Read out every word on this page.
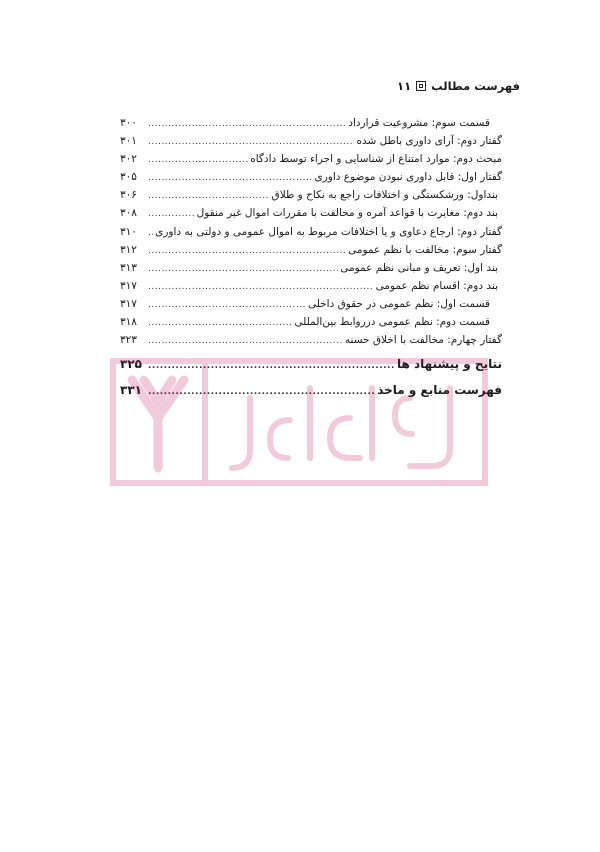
فهرست مطالب
۱۱
قسمت سوم: مشروعیت قرارداد
.....
۳۰۰
گفتار دوم: آرای داوری باطل شده
.....
۳۰۱
مبحث دوم: موارد امتناع از شناسایی و اجراء توسط دادگاه
.....
۳۰۲
گفتار اول: قابل داوری نبودن موضوع داوری
.....
۳۰۵
بنداول: ورشکستگی و اختلافات راجع به نکاح و طلاق
.....
۳۰۶
بند دوم: مغایرت با قواعد آمره و مخالفت با مقررات اموال غیر منقول
.....
۳۰۸
گفتار دوم: ارجاع دعاوی و یا اختلافات مربوط به اموال عمومی و دولتی به داوری
.....
۳۱۰
گفتار سوم: مخالفت با نظم عمومی
.....
۳۱۲
بند اول: تعریف و مبانی نظم عمومی
.....
۳۱۳
بند دوم: اقسام نظم عمومی
.....
۳۱۷
قسمت اول: نظم عمومی در حقوق داخلی
.....
۳۱۷
قسمت دوم: نظم عمومی درروابط بین‌المللی
.....
۳۱۸
گفتار چهارم: مخالفت با اخلاق حسنه
.....
۳۲۳
نتایج و پیشنهاد ها
.....
۳۲۵
فهرست منابع و ماخذ
.....
۳۳۱
